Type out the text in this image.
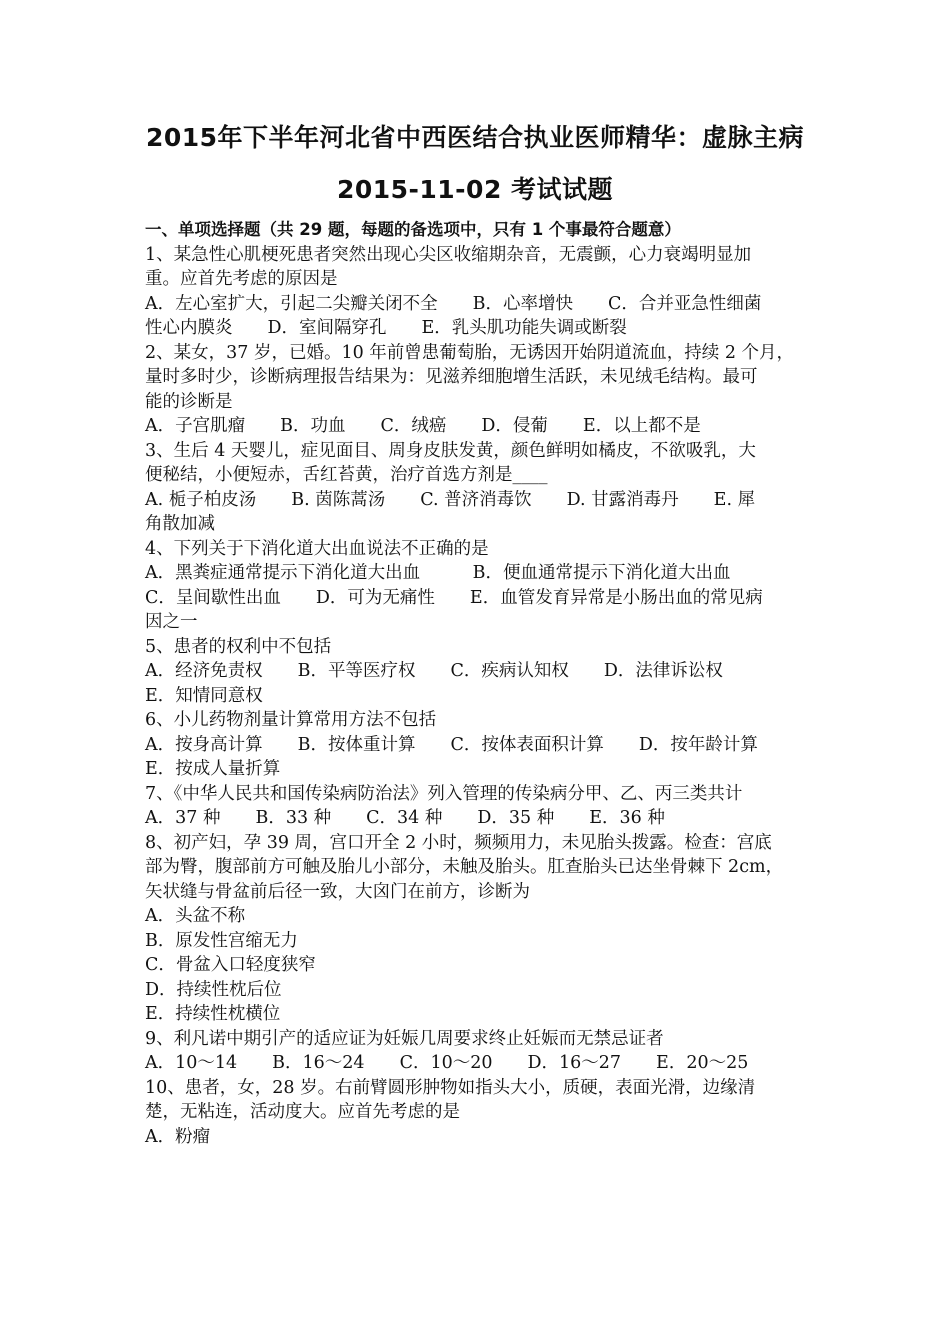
2015年下半年河北省中西医结合执业医师精华：虚脉主病
2015-11-02 考试试题
一、单项选择题（共 29 题，每题的备选项中，只有 1 个事最符合题意）
1、某急性心肌梗死患者突然出现心尖区收缩期杂音，无震颤，心力衰竭明显加
重。应首先考虑的原因是
A．左心室扩大，引起二尖瓣关闭不全　　B．心率增快　　C．合并亚急性细菌
性心内膜炎　　D．室间隔穿孔　　E．乳头肌功能失调或断裂
2、某女，37 岁，已婚。10 年前曾患葡萄胎，无诱因开始阴道流血，持续 2 个月，
量时多时少，诊断病理报告结果为：见滋养细胞增生活跃，未见绒毛结构。最可
能的诊断是
A．子宫肌瘤　　B．功血　　C．绒癌　　D．侵葡　　E．以上都不是
3、生后 4 天婴儿，症见面目、周身皮肤发黄，颜色鲜明如橘皮，不欲吸乳，大
便秘结，小便短赤，舌红苔黄，治疗首选方剂是____
A. 栀子柏皮汤　　B. 茵陈蒿汤　　C. 普济消毒饮　　D. 甘露消毒丹　　E. 犀
角散加减
4、下列关于下消化道大出血说法不正确的是
A．黑粪症通常提示下消化道大出血　　　B．便血通常提示下消化道大出血
C．呈间歇性出血　　D．可为无痛性　　E．血管发育异常是小肠出血的常见病
因之一
5、患者的权利中不包括
A．经济免责权　　B．平等医疗权　　C．疾病认知权　　D．法律诉讼权
E．知情同意权
6、小儿药物剂量计算常用方法不包括
A．按身高计算　　B．按体重计算　　C．按体表面积计算　　D．按年龄计算
E．按成人量折算
7、《中华人民共和国传染病防治法》列入管理的传染病分甲、乙、丙三类共计
A．37 种　　B．33 种　　C．34 种　　D．35 种　　E．36 种
8、初产妇，孕 39 周，宫口开全 2 小时，频频用力，未见胎头拨露。检查：宫底
部为臀，腹部前方可触及胎儿小部分，未触及胎头。肛查胎头已达坐骨棘下 2cm，
矢状缝与骨盆前后径一致，大囟门在前方，诊断为
A．头盆不称
B．原发性宫缩无力
C．骨盆入口轻度狭窄
D．持续性枕后位
E．持续性枕横位
9、利凡诺中期引产的适应证为妊娠几周要求终止妊娠而无禁忌证者
A．10～14　　B．16～24　　C．10～20　　D．16～27　　E．20～25
10、患者，女，28 岁。右前臂圆形肿物如指头大小，质硬，表面光滑，边缘清
楚，无粘连，活动度大。应首先考虑的是
A．粉瘤
